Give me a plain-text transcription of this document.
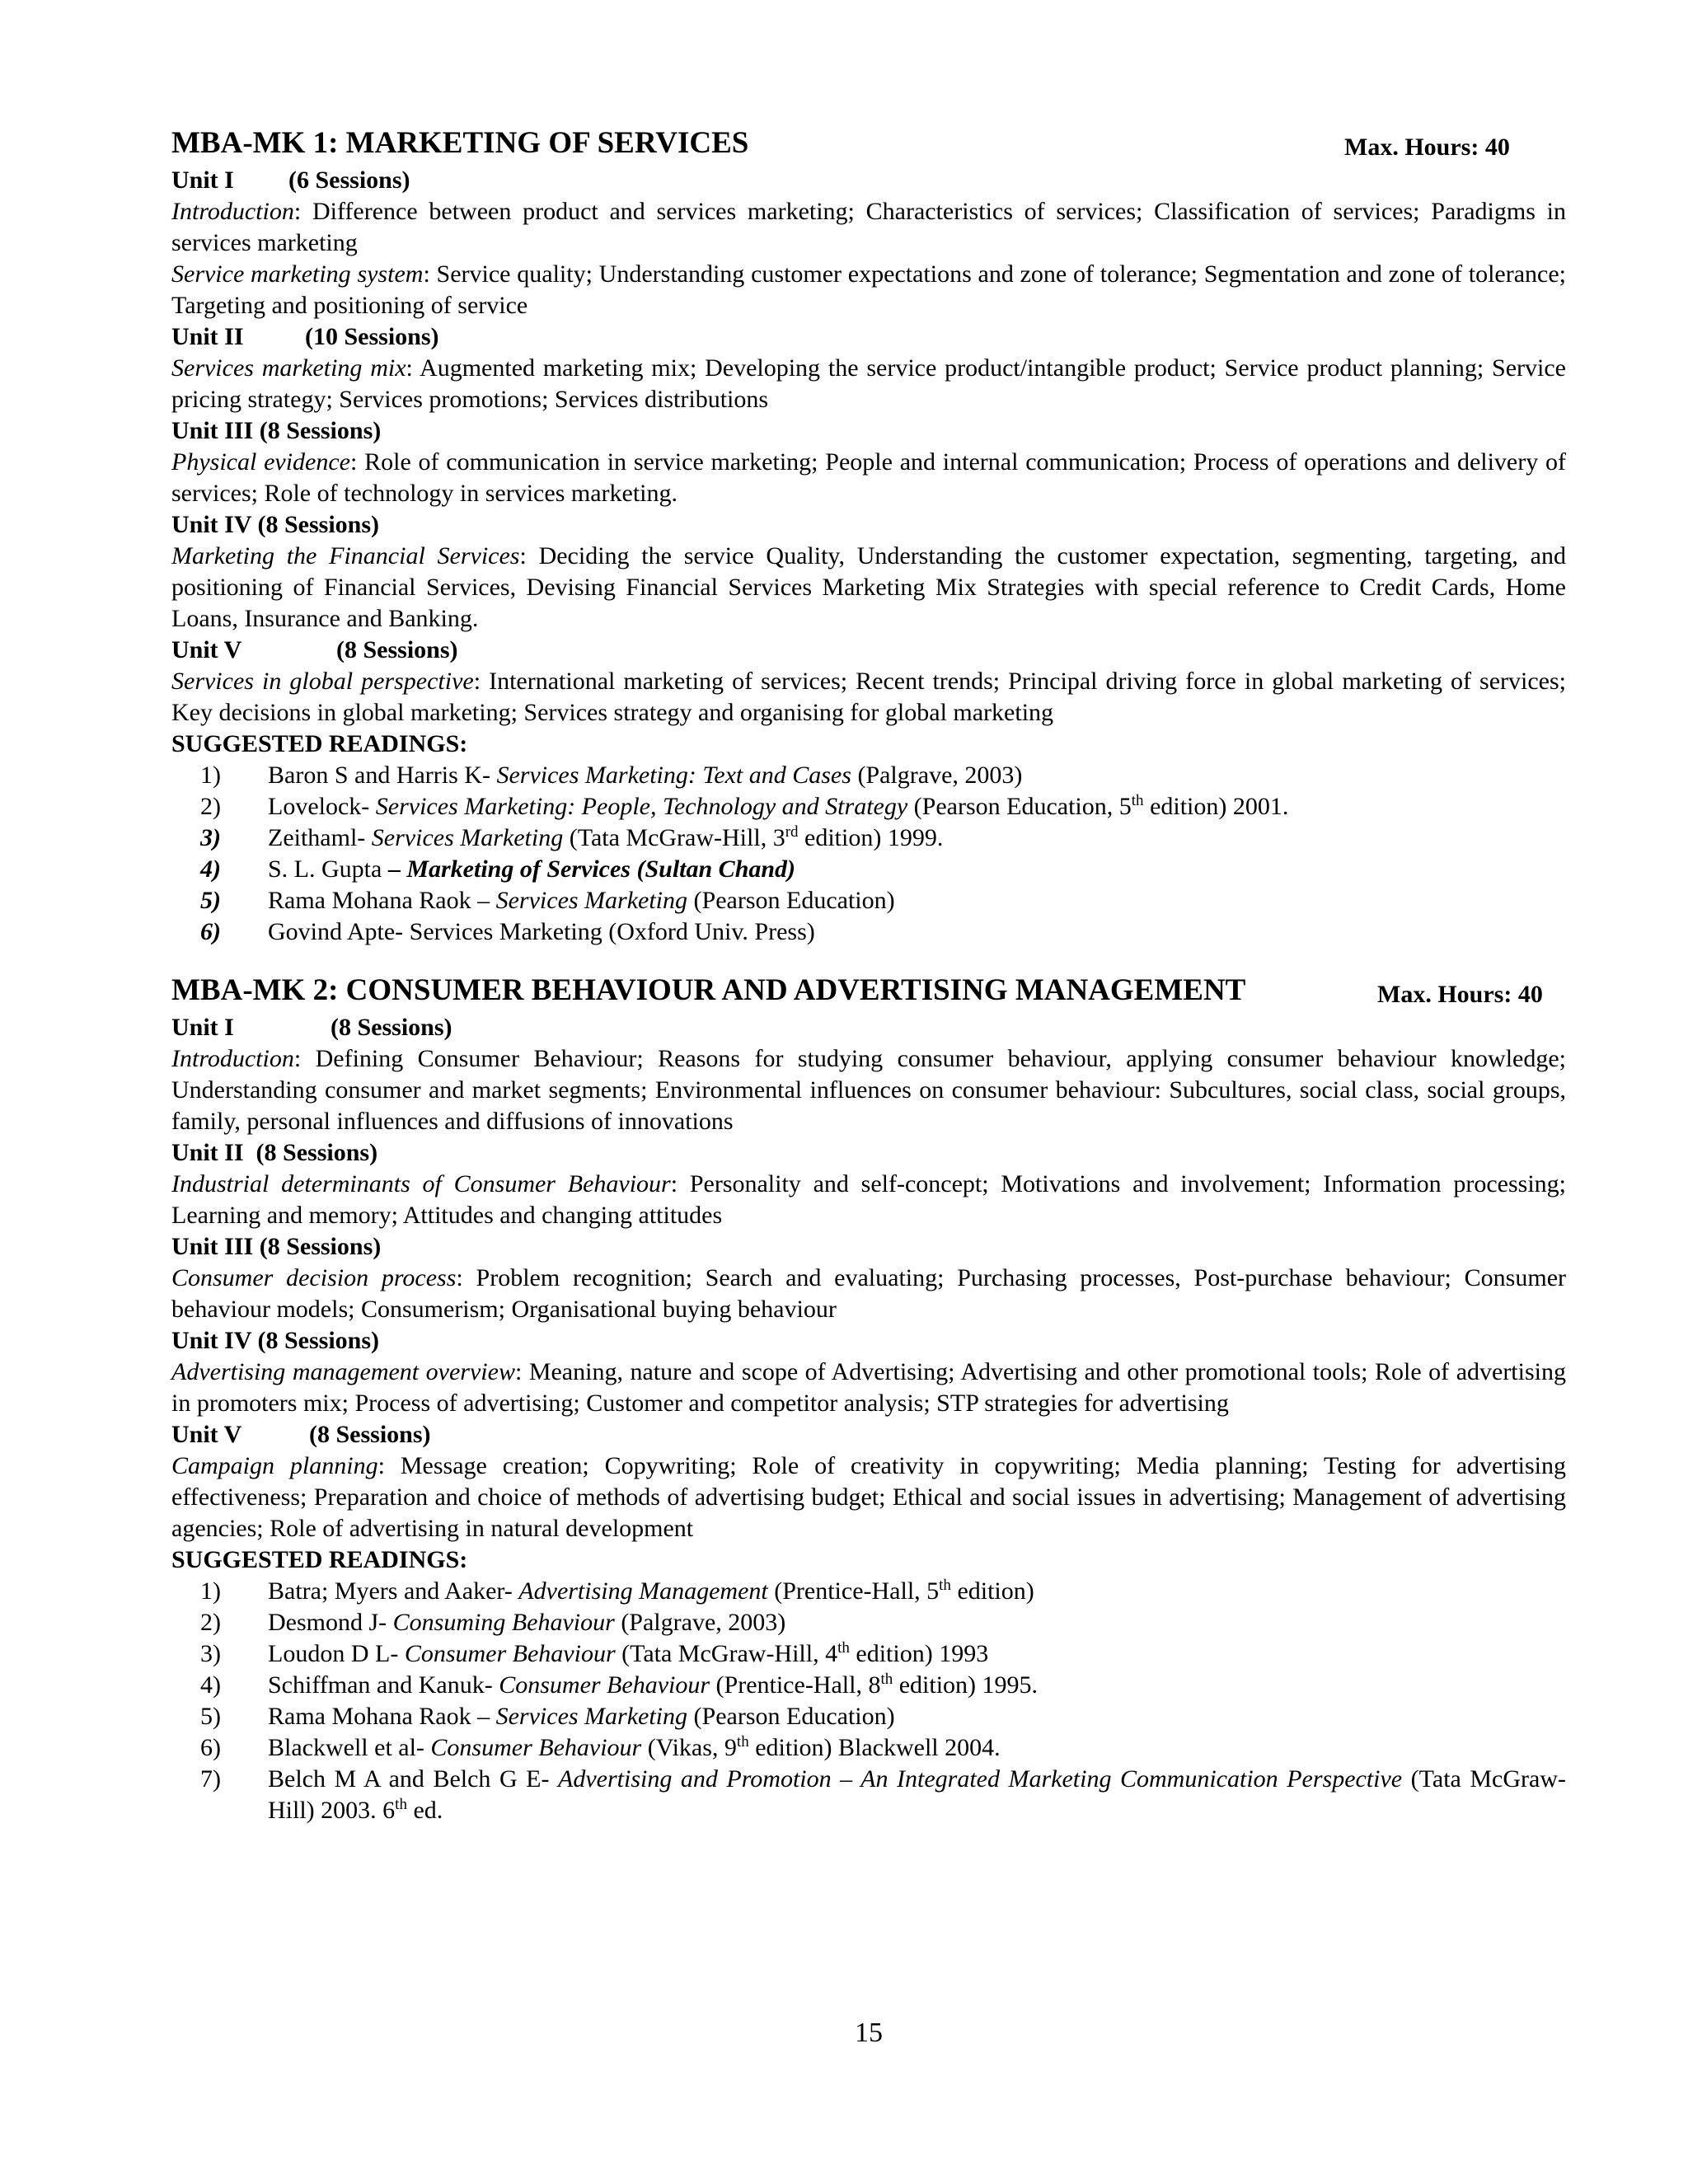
MBA-MK 1: MARKETING OF SERVICES	Max. Hours: 40
Unit I (6 Sessions)
Introduction: Difference between product and services marketing; Characteristics of services; Classification of services; Paradigms in services marketing
Service marketing system: Service quality; Understanding customer expectations and zone of tolerance; Segmentation and zone of tolerance; Targeting and positioning of service
Unit II (10 Sessions)
Services marketing mix: Augmented marketing mix; Developing the service product/intangible product; Service product planning; Service pricing strategy; Services promotions; Services distributions
Unit III (8 Sessions)
Physical evidence: Role of communication in service marketing; People and internal communication; Process of operations and delivery of services; Role of technology in services marketing.
Unit IV (8 Sessions)
Marketing the Financial Services: Deciding the service Quality, Understanding the customer expectation, segmenting, targeting, and positioning of Financial Services, Devising Financial Services Marketing Mix Strategies with special reference to Credit Cards, Home Loans, Insurance and Banking.
Unit V	(8 Sessions)
Services in global perspective: International marketing of services; Recent trends; Principal driving force in global marketing of services; Key decisions in global marketing; Services strategy and organising for global marketing
SUGGESTED READINGS:
1) Baron S and Harris K- Services Marketing: Text and Cases (Palgrave, 2003)
2) Lovelock- Services Marketing: People, Technology and Strategy (Pearson Education, 5th edition) 2001.
3) Zeithaml- Services Marketing (Tata McGraw-Hill, 3rd edition) 1999.
4) S. L. Gupta – Marketing of Services (Sultan Chand)
5) Rama Mohana Raok – Services Marketing (Pearson Education)
6) Govind Apte- Services Marketing (Oxford Univ. Press)
MBA-MK 2: CONSUMER BEHAVIOUR AND ADVERTISING MANAGEMENT	Max. Hours: 40
Unit I	(8 Sessions)
Introduction: Defining Consumer Behaviour; Reasons for studying consumer behaviour, applying consumer behaviour knowledge; Understanding consumer and market segments; Environmental influences on consumer behaviour: Subcultures, social class, social groups, family, personal influences and diffusions of innovations
Unit II (8 Sessions)
Industrial determinants of Consumer Behaviour: Personality and self-concept; Motivations and involvement; Information processing; Learning and memory; Attitudes and changing attitudes
Unit III (8 Sessions)
Consumer decision process: Problem recognition; Search and evaluating; Purchasing processes, Post-purchase behaviour; Consumer behaviour models; Consumerism; Organisational buying behaviour
Unit IV (8 Sessions)
Advertising management overview: Meaning, nature and scope of Advertising; Advertising and other promotional tools; Role of advertising in promoters mix; Process of advertising; Customer and competitor analysis; STP strategies for advertising
Unit V	(8 Sessions)
Campaign planning: Message creation; Copywriting; Role of creativity in copywriting; Media planning; Testing for advertising effectiveness; Preparation and choice of methods of advertising budget; Ethical and social issues in advertising; Management of advertising agencies; Role of advertising in natural development
SUGGESTED READINGS:
1) Batra; Myers and Aaker- Advertising Management (Prentice-Hall, 5th edition)
2) Desmond J- Consuming Behaviour (Palgrave, 2003)
3) Loudon D L- Consumer Behaviour (Tata McGraw-Hill, 4th edition) 1993
4) Schiffman and Kanuk- Consumer Behaviour (Prentice-Hall, 8th edition) 1995.
5) Rama Mohana Raok – Services Marketing (Pearson Education)
6) Blackwell et al- Consumer Behaviour (Vikas, 9th edition) Blackwell 2004.
7) Belch M A and Belch G E- Advertising and Promotion – An Integrated Marketing Communication Perspective (Tata McGraw-Hill) 2003. 6th ed.
15
